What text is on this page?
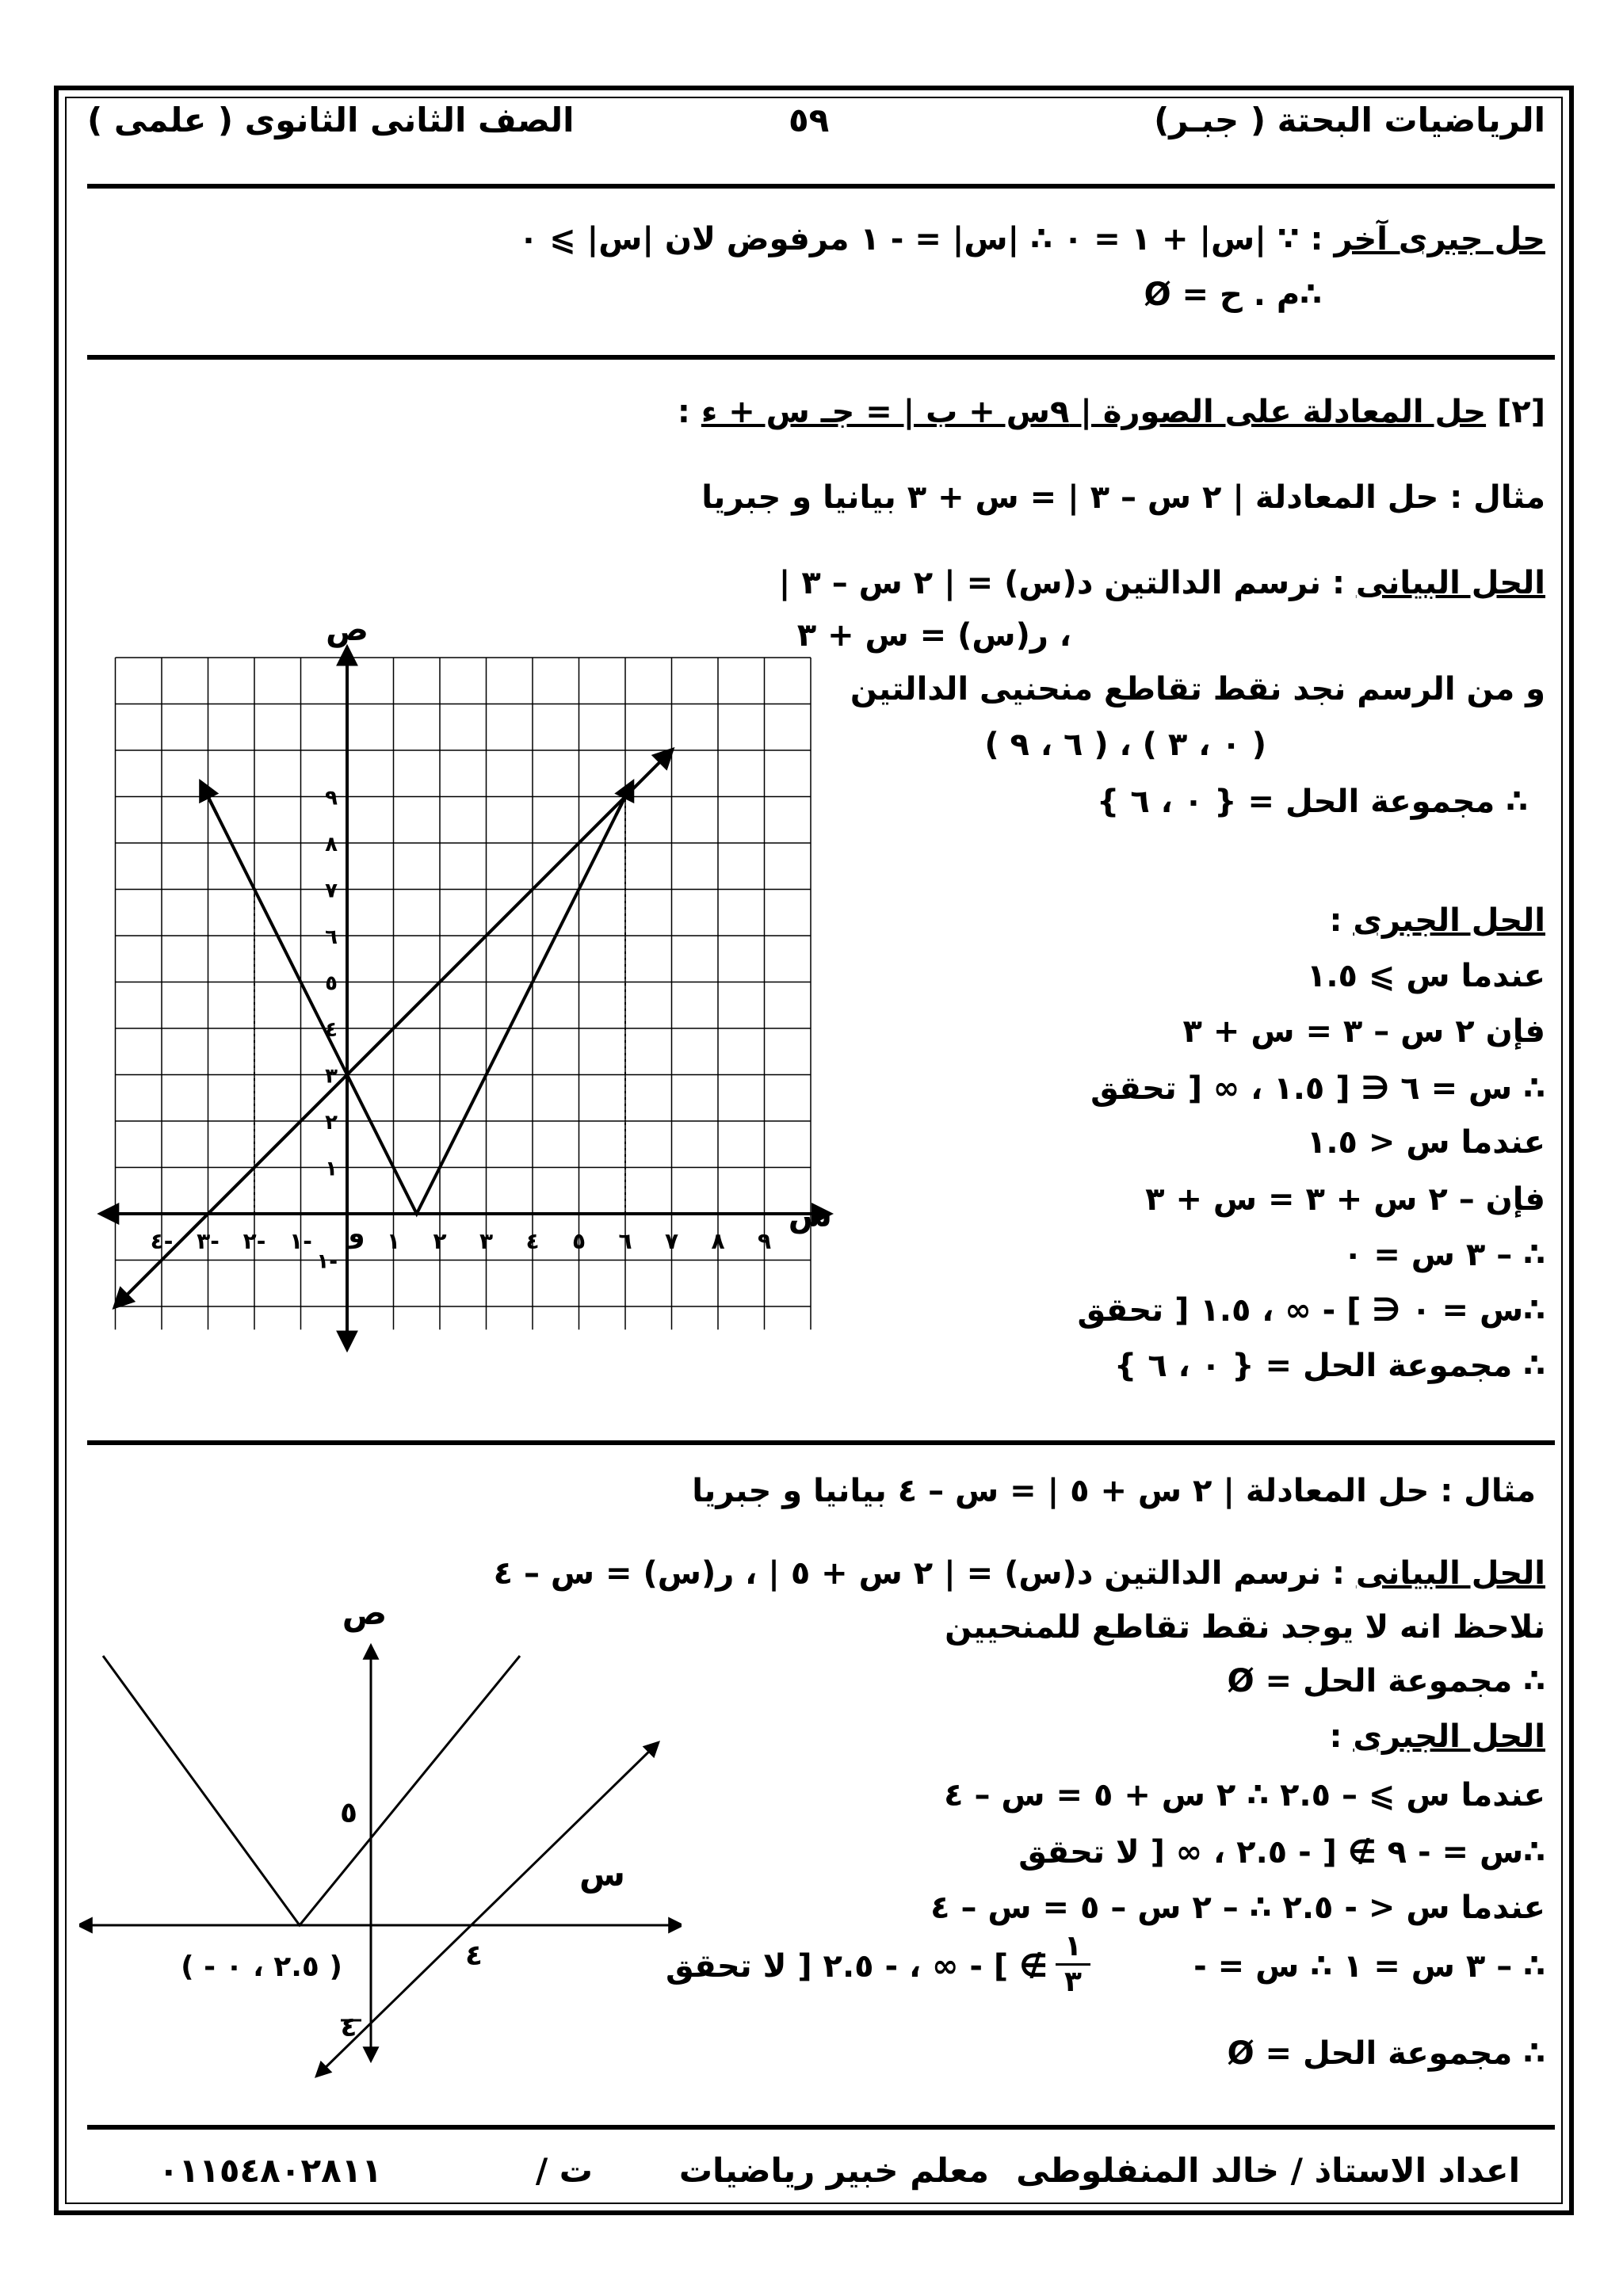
الرياضيات البحتة ( جبـر)
٥٩
الصف الثانى الثانوى ( علمى )
حل جبرى آخر : ∵ |س| + ١ = ٠ ∴ |س| = - ١ مرفوض لان |س| ⩾ ٠
∴م . ح = Ø
[٢] حل المعادلة على الصورة | ٩س + ب | = جـ س + ء :
مثال : حل المعادلة | ٢ س – ٣ | = س + ٣ بيانيا و جبريا
الحل البيانى : نرسم الدالتين د(س) = | ٢ س – ٣ |
، ر(س) = س + ٣
و من الرسم نجد نقط تقاطع منحنيى الدالتين
( ٠ ، ٣ ) ، ( ٦ ، ٩ )
∴ مجموعة الحل = { ٠ ، ٦ }
الحل الجبرى :
عندما س ⩾ ١.٥
فإن ٢ س – ٣ = س + ٣
∴ س = ٦ ∈ [ ١.٥ ، ∞ [ تحقق
عندما س < ١.٥
فإن – ٢ س + ٣ = س + ٣
∴ – ٣ س = ٠
∴س = ٠ ∈ ] - ∞ ، ١.٥ [ تحقق
∴ مجموعة الحل = { ٠ ، ٦ }
١ ٢ ٣ ٤ ٥ ٦ ٧ ٨ ٩
١-
٢-
٣-
٤-
١
٢
٣
٤
٥
٦
٧
٨
٩
١-
ص
س
و
مثال : حل المعادلة | ٢ س + ٥ | = س – ٤ بيانيا و جبريا
الحل البيانى : نرسم الدالتين د(س) = | ٢ س + ٥ | ، ر(س) = س – ٤
نلاحظ انه لا يوجد نقط تقاطع للمنحيين
∴ مجموعة الحل = Ø
الحل الجبرى :
عندما س ⩾ – ٢.٥ ∴ ٢ س + ٥ = س – ٤
∴س = - ٩ ∌ [ - ٢.٥ ، ∞ [ لا تحقق
عندما س < - ٢.٥ ∴ – ٢ س – ٥ = س – ٤
∴ – ٣ س = ١ ∴ س = -
١
٣
∌ ] - ∞ ، - ٢.٥ [ لا تحقق
∴ مجموعة الحل = Ø
ص
س
٥
٤
٤
( - ٢.٥ ، ٠ )
اعداد الاستاذ / خالد المنفلوطى
معلم خبير رياضيات
ت /
٠١١٥٤٨٠٢٨١١
